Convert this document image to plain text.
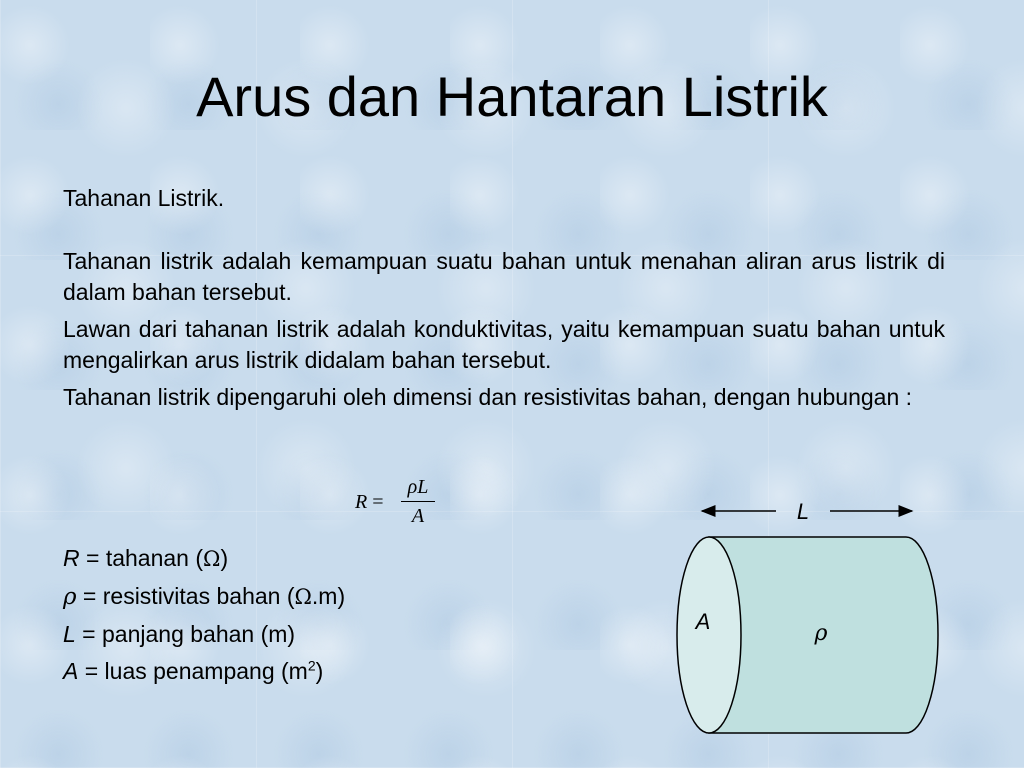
Arus dan Hantaran Listrik

Tahanan Listrik.

Tahanan listrik adalah kemampuan suatu bahan untuk menahan aliran arus listrik di dalam bahan tersebut.

Lawan dari tahanan listrik adalah konduktivitas, yaitu kemampuan suatu bahan untuk mengalirkan arus listrik didalam bahan tersebut.

Tahanan listrik dipengaruhi oleh dimensi dan resistivitas bahan, dengan hubungan :

R =
ρL
A
R = tahanan (Ω)
ρ = resistivitas bahan (Ω.m)
L = panjang bahan (m)
A = luas penampang $(m^2)$
L
A	ρ
